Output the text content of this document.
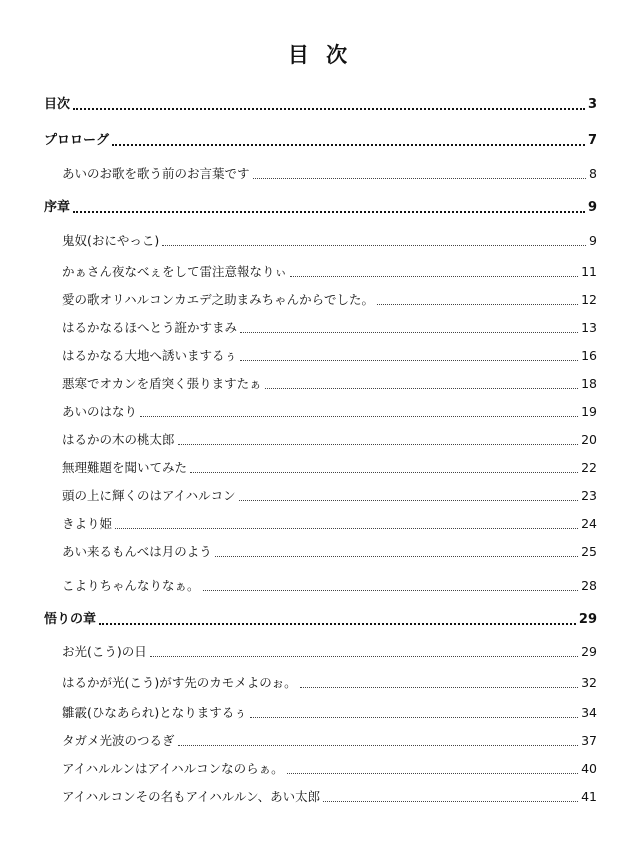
目 次
目次	3
プロローグ	7
あいのお歌を歌う前のお言葉です	8
序章	9
鬼奴(おにやっこ)	9
かぁさん夜なべぇをして雷注意報なりぃ	11
愛の歌オリハルコンカエデ之助まみちゃんからでした。	12
はるかなるほへとう誑かすまみ	13
はるかなる大地へ誘いまするぅ	16
悪寒でオカンを盾突く張りますたぁ	18
あいのはなり	19
はるかの木の桃太郎	20
無理難題を聞いてみた	22
頭の上に輝くのはアイハルコン	23
きより姫	24
あい来るもんべは月のよう	25
こよりちゃんなりなぁ。	28
悟りの章	29
お光(こう)の日	29
はるかが光(こう)がす先のカモメよのぉ。	32
雛霰(ひなあられ)となりまするぅ	34
タガメ光波のつるぎ	37
アイハルルンはアイハルコンなのらぁ。	40
アイハルコンその名もアイハルルン、あい太郎	41
